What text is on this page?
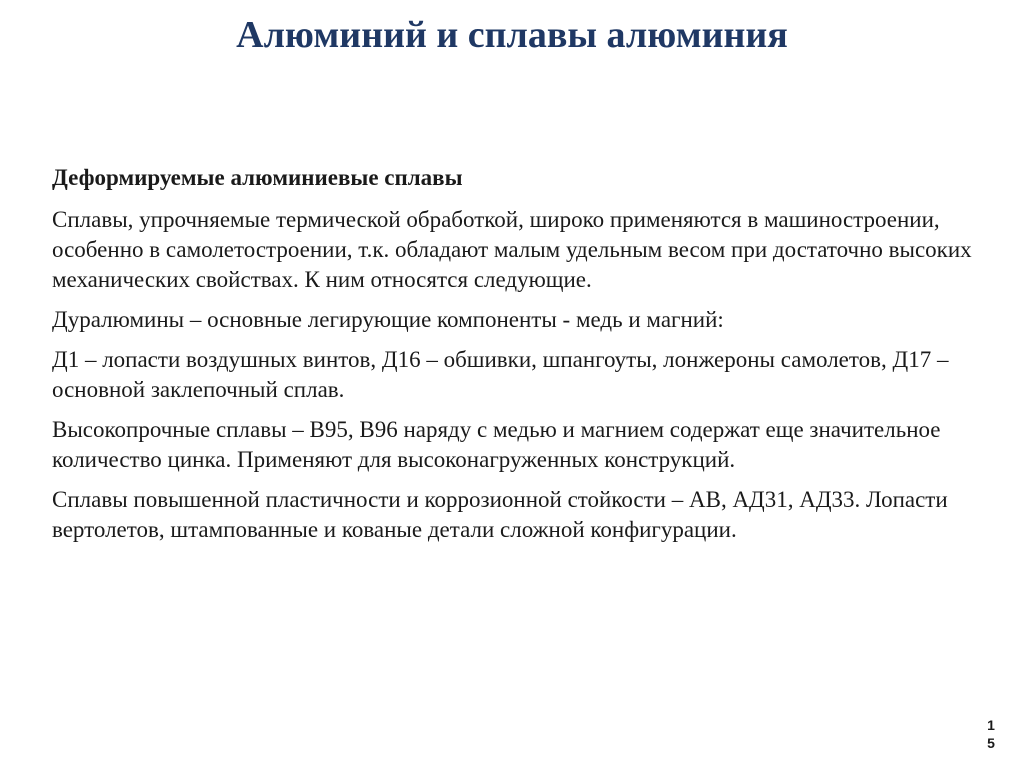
Алюминий и сплавы алюминия

Деформируемые алюминиевые сплавы

Сплавы, упрочняемые термической обработкой, широко применяются в машиностроении, особенно в самолетостроении, т.к. обладают малым удельным весом при достаточно высоких механических свойствах. К ним относятся следующие.

Дуралюмины – основные легирующие компоненты - медь и магний:

Д1 – лопасти воздушных винтов, Д16 – обшивки, шпангоуты, лонжероны самолетов, Д17 – основной заклепочный сплав.

Высокопрочные сплавы – В95, В96 наряду с медью и магнием содержат еще значительное количество цинка. Применяют для высоконагруженных конструкций.

Сплавы повышенной пластичности и коррозионной стойкости – АВ, АД31, АД33. Лопасти вертолетов, штампованные и кованые детали сложной конфигурации.

1
5
